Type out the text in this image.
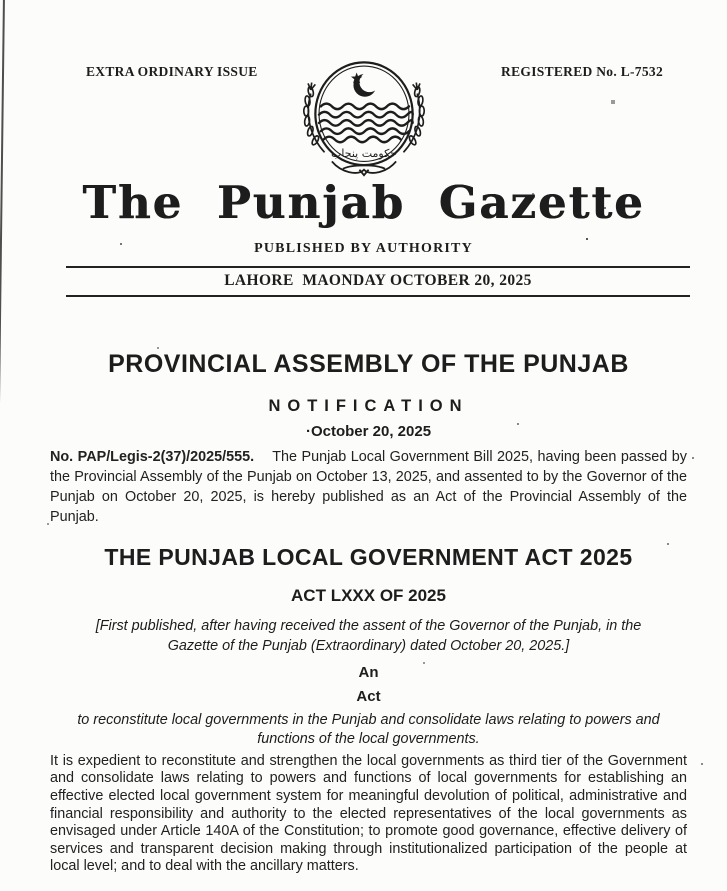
EXTRA ORDINARY ISSUE	REGISTERED No. L-7532
حکومت پنجاب
The Punjab Gazette
PUBLISHED BY AUTHORITY
LAHORE  MAONDAY OCTOBER 20, 2025
PROVINCIAL ASSEMBLY OF THE PUNJAB
NOTIFICATION
·October 20, 2025

No. PAP/Legis-2(37)/2025/555. The Punjab Local Government Bill 2025, having been passed by the Provincial Assembly of the Punjab on October 13, 2025, and assented to by the Governor of the Punjab on October 20, 2025, is hereby published as an Act of the Provincial Assembly of the Punjab.

THE PUNJAB LOCAL GOVERNMENT ACT 2025
ACT LXXX OF 2025

[First published, after having received the assent of the Governor of the Punjab, in the Gazette of the Punjab (Extraordinary) dated October 20, 2025.]

An
Act

to reconstitute local governments in the Punjab and consolidate laws relating to powers and functions of the local governments.

It is expedient to reconstitute and strengthen the local governments as third tier of the Government and consolidate laws relating to powers and functions of local governments for establishing an effective elected local government system for meaningful devolution of political, administrative and financial responsibility and authority to the elected representatives of the local governments as envisaged under Article 140A of the Constitution; to promote good governance, effective delivery of services and transparent decision making through institutionalized participation of the people at local level; and to deal with the ancillary matters.
